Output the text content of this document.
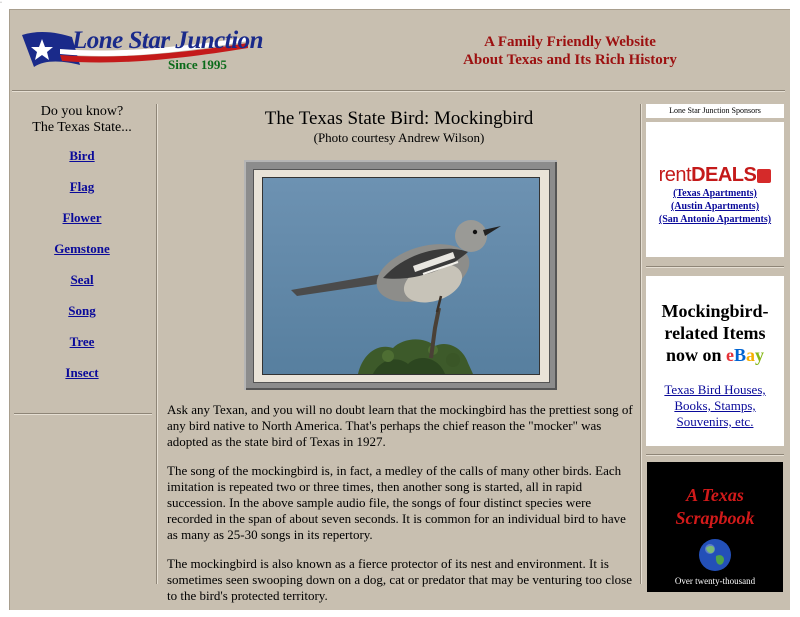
·
Lone Star Junction
Since 1995
A Family Friendly Website
About Texas and Its Rich History
Do you know?
The Texas State...
Bird
Flag
Flower
Gemstone
Seal
Song
Tree
Insect
The Texas State Bird: Mockingbird
(Photo courtesy Andrew Wilson)

Ask any Texan, and you will no doubt learn that the mockingbird has the prettiest song of any bird native to North America. That's perhaps the chief reason the "mocker" was adopted as the state bird of Texas in 1927.

The song of the mockingbird is, in fact, a medley of the calls of many other birds. Each imitation is repeated two or three times, then another song is started, all in rapid succession. In the above sample audio file, the songs of four distinct species were recorded in the span of about seven seconds. It is common for an individual bird to have as many as 25-30 songs in its repertory.

The mockingbird is also known as a fierce protector of its nest and environment. It is sometimes seen swooping down on a dog, cat or predator that may be venturing too close to the bird's protected territory.

Lone Star Junction Sponsors
rentDEALS
(Texas Apartments)
(Austin Apartments)
(San Antonio Apartments)
Mockingbird-
related Items
now on eBay
Texas Bird Houses,
Books, Stamps,
Souvenirs, etc.
A Texas
Scrapbook
Over twenty-thousand
